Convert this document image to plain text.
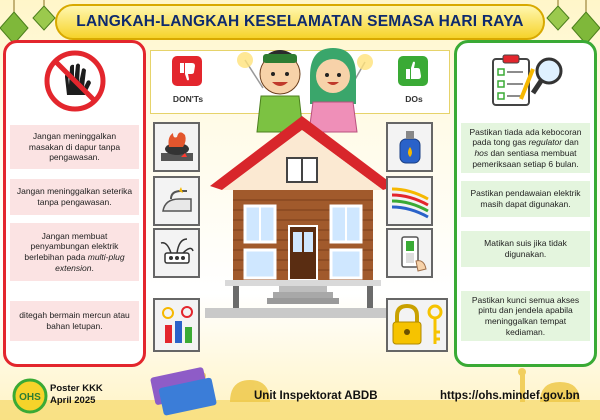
LANGKAH-LANGKAH KESELAMATAN SEMASA HARI RAYA
Jangan meninggalkan masakan di dapur tanpa pengawasan.
Jangan meninggalkan seterika tanpa pengawasan.
Jangan membuat penyambungan elektrik berlebihan pada multi-plug extension.
ditegah bermain mercun atau bahan letupan.
Pastikan tiada ada kebocoran pada tong gas regulator dan hos dan sentiasa membuat pemeriksaan setiap 6 bulan.
Pastikan pendawaian elektrik masih dapat digunakan.
Matikan suis jika tidak digunakan.
Pastikan kunci semua akses pintu dan jendela apabila meninggalkan tempat kediaman.
DON'Ts	DOs
OHS
Poster KKK
April 2025	Unit Inspektorat ABDB	https://ohs.mindef.gov.bn
